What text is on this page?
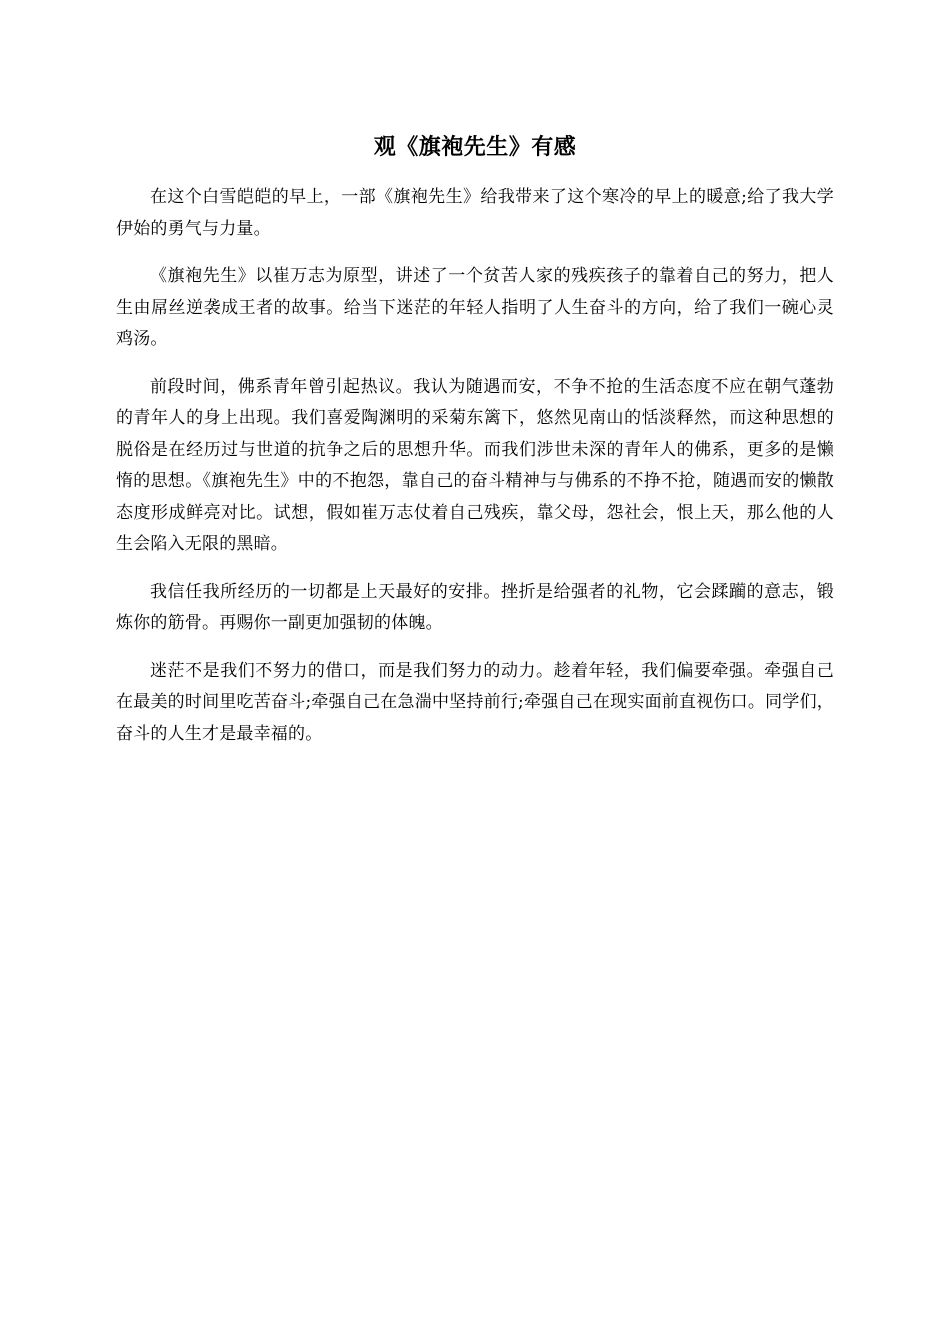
观《旗袍先生》有感

在这个白雪皑皑的早上，一部《旗袍先生》给我带来了这个寒冷的早上的暖意;给了我大学伊始的勇气与力量。

《旗袍先生》以崔万志为原型，讲述了一个贫苦人家的残疾孩子的靠着自己的努力，把人生由屌丝逆袭成王者的故事。给当下迷茫的年轻人指明了人生奋斗的方向，给了我们一碗心灵鸡汤。

前段时间，佛系青年曾引起热议。我认为随遇而安，不争不抢的生活态度不应在朝气蓬勃的青年人的身上出现。我们喜爱陶渊明的采菊东篱下，悠然见南山的恬淡释然，而这种思想的脱俗是在经历过与世道的抗争之后的思想升华。而我们涉世未深的青年人的佛系，更多的是懒惰的思想。《旗袍先生》中的不抱怨，靠自己的奋斗精神与与佛系的不挣不抢，随遇而安的懒散态度形成鲜亮对比。试想，假如崔万志仗着自己残疾，靠父母，怨社会，恨上天，那么他的人生会陷入无限的黑暗。

我信任我所经历的一切都是上天最好的安排。挫折是给强者的礼物，它会蹂躏的意志，锻炼你的筋骨。再赐你一副更加强韧的体魄。

迷茫不是我们不努力的借口，而是我们努力的动力。趁着年轻，我们偏要牵强。牵强自己在最美的时间里吃苦奋斗;牵强自己在急湍中坚持前行;牵强自己在现实面前直视伤口。同学们，奋斗的人生才是最幸福的。
